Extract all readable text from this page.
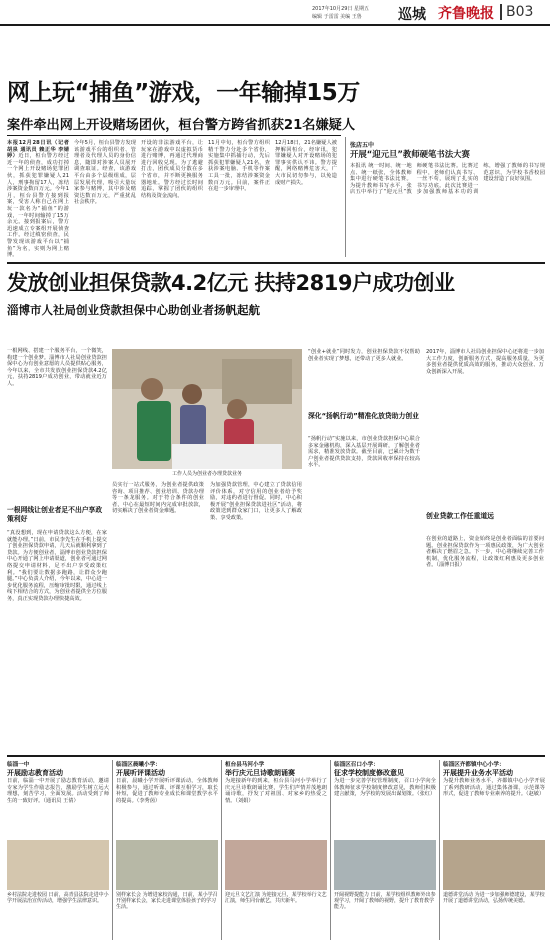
2017年10月29日 星期五
编辑 于雷雷 美编 王鲁	巡城 齐鲁晚报 B03
网上玩“捕鱼”游戏，一年输掉15万
案件牵出网上开设赌场团伙，桓台警方跨省抓获21名嫌疑人
本报12月28日讯（记者 胡泉 通讯员 赖正华 李婧婷）近日，桓台警方经过近一年的侦查，成功打掉一个网上开设赌场犯罪团伙，抓获犯罪嫌疑人21人，刑事拘留17人，冻结涉案资金数百万元。今年1月，桓台县警方接到报案，受害人称自己在网上玩一款名为“捕鱼”的游戏，一年时间输掉了15万余元。接到报案后，警方迅速成立专案组开展侦查工作。经过缜密侦查，民警发现该游戏平台以“捕鱼”为名，实则为网上赌博。
今年5月，桓台县警方发现该游戏平台的组织者、管理者及代理人员的身份信息，随即对涉案人员展开调查取证。经查，该游戏平台由多个层级组成，层层发展代理，吸引大量玩家参与赌博，其中涉及赌资达数百万元，严重扰乱社会秩序。
开设的非法游戏平台，让玩家在游戏中以虚拟货币进行赌博，再通过代理商进行回收兑现。为了逃避打击，团伙成员分散在多个省市，并不断更换服务器地址。警方经过长时间追踪，掌握了团伙的组织结构及资金流向。
11月中旬，桓台警方组织精干警力分赴多个省份，实施集中抓捕行动，先后抓获犯罪嫌疑人21名，查获涉案电脑、手机等作案工具一批，冻结涉案资金数百万元。目前，案件正在进一步审理中。
12月18日，21名嫌疑人被押解回桓台，经审讯，犯罪嫌疑人对开设赌场的犯罪事实供认不讳。警方提醒，网络赌博危害大，广大市民切勿参与，以免造成财产损失。
张店五中
开展“迎元旦”教师硬笔书法大赛
本报讯 统一时间、统一地点、统一纸张，全体教师集中进行硬笔书法比赛。为提升教师书写水平，张店五中举行了“迎元旦”教师硬笔书法比赛。比赛过程中，老师们认真书写、一丝不苟，展现了扎实的书写功底。此次比赛进一步加强教师基本功的训练，增强了教师的书写规范意识，为学校书香校园建设营造了良好氛围。
发放创业担保贷款4.2亿元 扶持2819户成功创业
淄博市人社局创业贷款担保中心助创业者扬帆起航
一根网线、搭建一个服务平台，一个微笑，构建一个创业梦。淄博市人社局创业贷款担保中心为有创业意愿的人员提供贴心服务，今年以来，全市共发放创业担保贷款4.2亿元，扶持2819户成功创业，带动就业近万人。
一根网线让创业者足不出户享政策利好
“真没想到，现在申请贷款这么方便，在家就能办理。”日前，市民李先生在手机上提交了创业担保贷款申请，几天后就顺利拿到了贷款。为方便创业者，淄博市创业贷款担保中心开通了网上申请渠道，创业者可通过网络提交申请材料，足不出户享受政策红利。“我们要让数据多跑路，让群众少跑腿。”中心负责人介绍，今年以来，中心进一步优化服务流程，压缩审批时限，通过线上线下相结合的方式，为创业者提供全方位服务，真正实现贷款办理快捷高效。
工作人员为创业者办理贷款业务
员实行一站式服务，为创业者提供政策咨询、项目推荐、创业培训、贷款办理等一条龙服务。对于符合条件的创业者，中心在最短时间内完成审批放款，切实解决了创业者资金难题。
为加强贷款管理，中心建立了贷款信用评价体系，对守信用的创业者给予奖励，对违约者进行督促。同时，中心积极开展“创业担保贷款进社区”活动，将政策送到群众家门口，让更多人了解政策、享受政策。
“创业+就业”同时发力，创业担保贷款不仅帮助创业者实现了梦想，还带动了更多人就业。
深化“扬帆行动”精准化放贷助力创业
“扬帆行动”实施以来，市创业贷款担保中心联合多家金融机构，深入基层开展调研，了解创业者需求，精准发放贷款。截至目前，已累计为数千户创业者提供贷款支持，贷款回收率保持在较高水平。
2017年，淄博市人社局创业担保中心还将进一步加大工作力度，创新服务方式，提高服务质量，为更多创业者提供优质高效的服务，推动大众创业、万众创新深入开展。
创业贷款工作任重道远
在创业的道路上，资金始终是创业者面临的首要问题。创业担保贷款作为一项惠民政策，为广大创业者解决了燃眉之急。下一步，中心将继续完善工作机制，优化服务流程，让政策红利惠及更多创业者。（淄博日报）
临淄一中
开展励志教育活动
日前，临淄一中开展了励志教育活动，邀请专家为学生作励志报告，激励学生树立远大理想，刻苦学习，全面发展。活动受到了师生的一致好评。（通讯员 王倩）
乡村法院走进校园 日前，高青县法院走进中小学开展法治宣传活动，增强学生法律意识。
临淄区晨曦小学：
开展听评课活动
日前，晨曦小学开展听评课活动，全体教师积极参与，通过听课、评课互相学习，取长补短，促进了教师专业成长和课堂教学水平的提高。（李秀茵）
别样家长会 为增进家校沟通，日前，某小学召开别样家长会，家长走进课堂体验孩子的学习生活。
桓台县马河小学
举行庆元旦诗歌朗诵赛
为迎接新年的到来，桓台县马河小学举行了庆元旦诗歌朗诵比赛，学生们声情并茂地朗诵诗歌，抒发了对祖国、对家乡的热爱之情。（刘娟）
迎元旦文艺汇演 为迎接元旦，某学校举行文艺汇演，师生同台献艺，共庆新年。
临淄区召口小学：
征求学校制度修改意见
为进一步完善学校管理制度，召口小学向全体教师征求学校制度修改意见，教师们积极建言献策，为学校的发展出谋划策。（张红）
开阔视野提能力 日前，某学校组织教师外出参观学习，开阔了教师的视野，提升了教育教学能力。
临淄区齐都镇中心小学：
开展提升业务水平活动
为提升教师业务水平，齐都镇中心小学开展了系列教研活动，通过集体备课、示范课等形式，促进了教师专业素养的提升。（赵敏）
道德讲堂活动 为进一步加强师德建设，某学校开展了道德讲堂活动，弘扬传统美德。
